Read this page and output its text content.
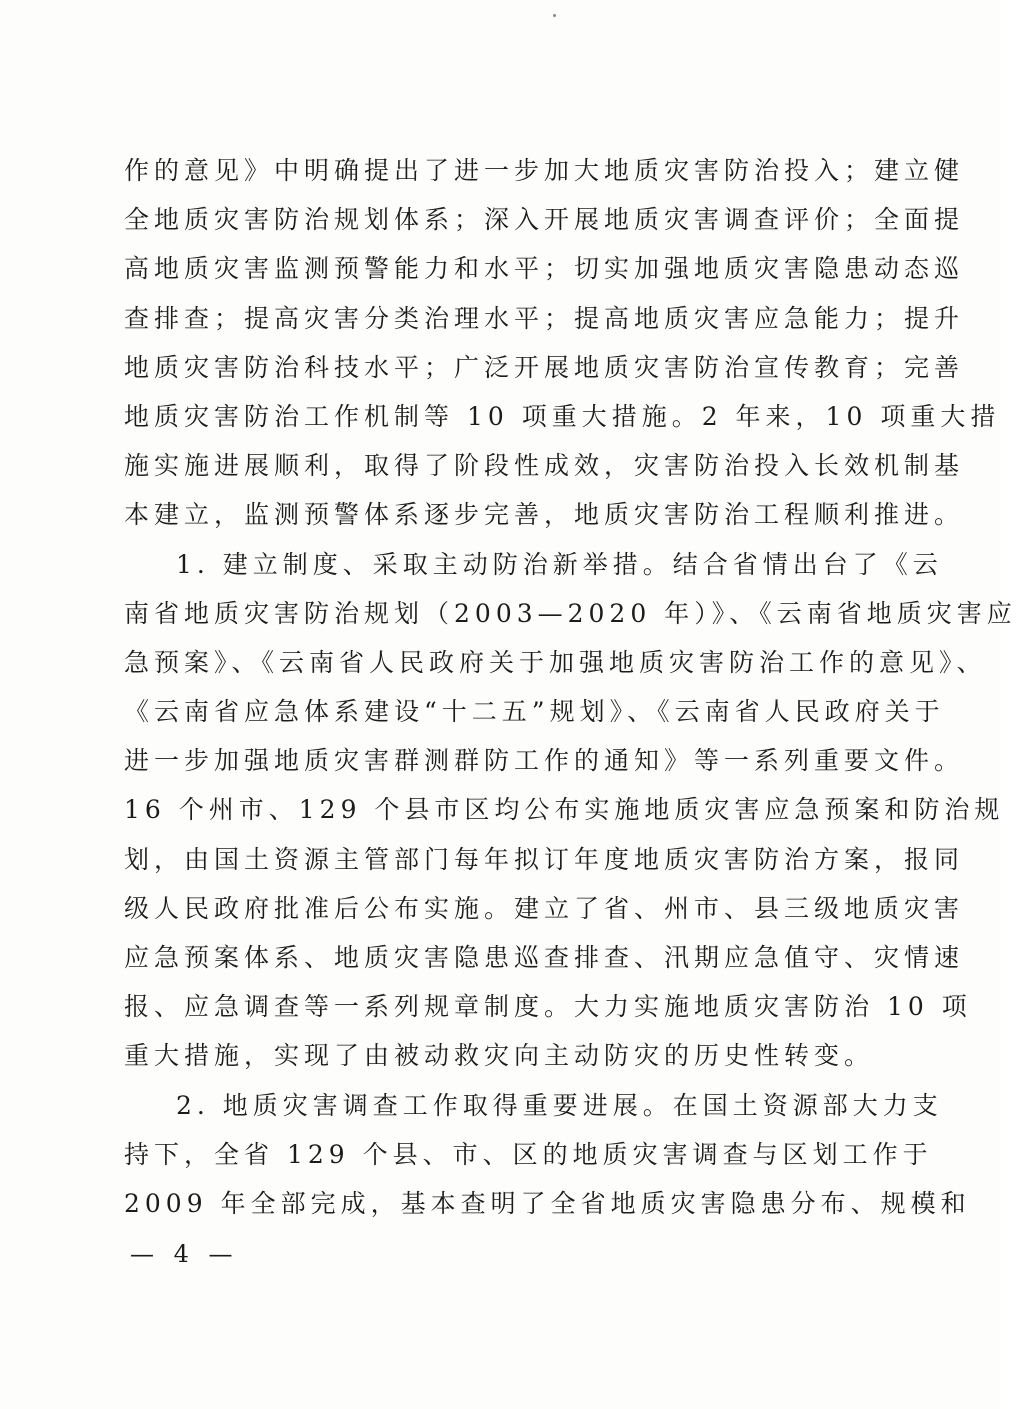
作的意见》中明确提出了进一步加大地质灾害防治投入；建立健
全地质灾害防治规划体系；深入开展地质灾害调查评价；全面提
高地质灾害监测预警能力和水平；切实加强地质灾害隐患动态巡
查排查；提高灾害分类治理水平；提高地质灾害应急能力；提升
地质灾害防治科技水平；广泛开展地质灾害防治宣传教育；完善
地质灾害防治工作机制等 10 项重大措施。2 年来，10 项重大措
施实施进展顺利，取得了阶段性成效，灾害防治投入长效机制基
本建立，监测预警体系逐步完善，地质灾害防治工程顺利推进。
1. 建立制度、采取主动防治新举措。结合省情出台了《云
南省地质灾害防治规划（2003—2020 年）》、《云南省地质灾害应
急预案》、《云南省人民政府关于加强地质灾害防治工作的意见》、
《云南省应急体系建设“十二五”规划》、《云南省人民政府关于
进一步加强地质灾害群测群防工作的通知》等一系列重要文件。
16 个州市、129 个县市区均公布实施地质灾害应急预案和防治规
划，由国土资源主管部门每年拟订年度地质灾害防治方案，报同
级人民政府批准后公布实施。建立了省、州市、县三级地质灾害
应急预案体系、地质灾害隐患巡查排查、汛期应急值守、灾情速
报、应急调查等一系列规章制度。大力实施地质灾害防治 10 项
重大措施，实现了由被动救灾向主动防灾的历史性转变。
2. 地质灾害调查工作取得重要进展。在国土资源部大力支
持下，全省 129 个县、市、区的地质灾害调查与区划工作于
2009 年全部完成，基本查明了全省地质灾害隐患分布、规模和
— 4 —
